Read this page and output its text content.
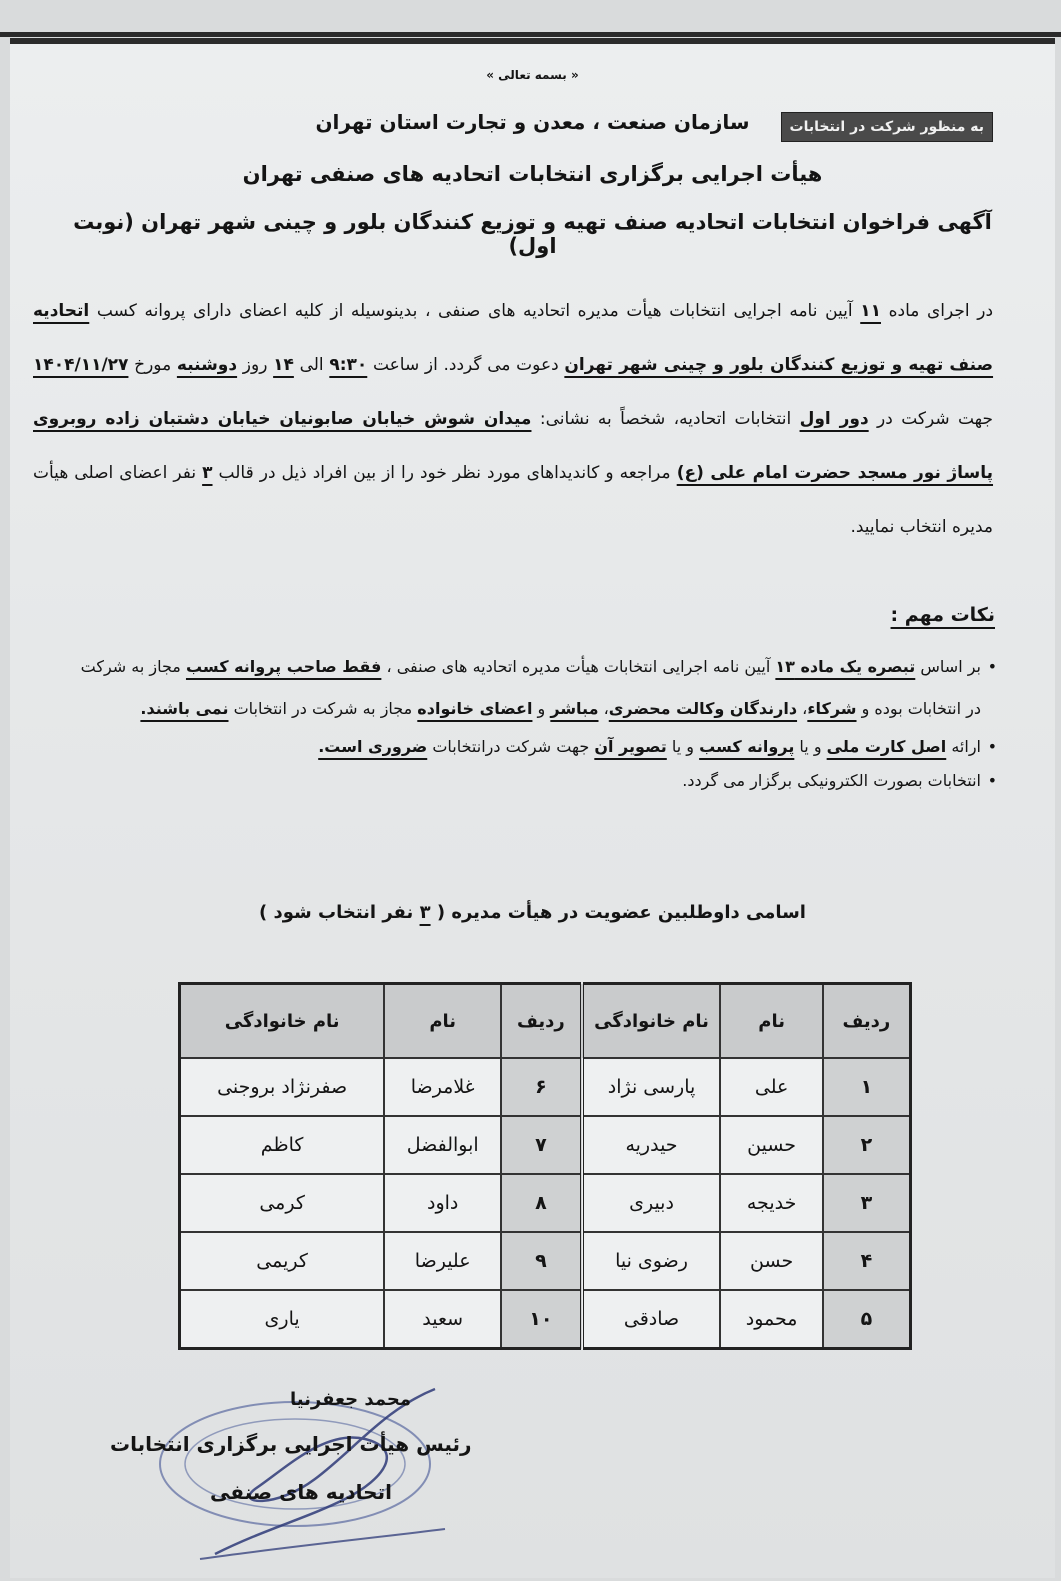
« بسمه تعالی »
به منظور شرکت در انتخابات
سازمان صنعت ، معدن و تجارت استان تهران
هیأت اجرایی برگزاری انتخابات اتحادیه های صنفی تهران
آگهی فراخوان انتخابات اتحادیه صنف تهیه و توزیع کنندگان بلور و چینی شهر تهران (نوبت اول)
در اجرای ماده ۱۱ آیین نامه اجرایی انتخابات هیأت مدیره اتحادیه های صنفی ، بدینوسیله از کلیه اعضای دارای پروانه کسب اتحادیه صنف تهیه و توزیع کنندگان بلور و چینی شهر تهران دعوت می گردد. از ساعت ۹:۳۰ الی ۱۴ روز دوشنبه مورخ ۱۴۰۴/۱۱/۲۷ جهت شرکت در دور اول انتخابات اتحادیه، شخصاً به نشانی: میدان شوش خیابان صابونیان خیابان دشتبان زاده روبروی پاساژ نور مسجد حضرت امام علی (ع) مراجعه و کاندیداهای مورد نظر خود را از بین افراد ذیل در قالب ۳ نفر اعضای اصلی هیأت مدیره انتخاب نمایید.
نکات مهم :
• بر اساس تبصره یک ماده ۱۳ آیین نامه اجرایی انتخابات هیأت مدیره اتحادیه های صنفی ، فقط صاحب پروانه کسب مجاز به شرکت در انتخابات بوده و شرکاء، دارندگان وکالت محضری، مباشر و اعضای خانواده مجاز به شرکت در انتخابات نمی باشند.
• ارائه اصل کارت ملی و یا پروانه کسب و یا تصویر آن جهت شرکت درانتخابات ضروری است.
• انتخابات بصورت الکترونیکی برگزار می گردد.
اسامی داوطلبین عضویت در هیأت مدیره ( ۳ نفر انتخاب شود )
ردیف	نام	نام خانوادگی	ردیف	نام	نام خانوادگی
۱	علی	پارسی نژاد	۶	غلامرضا	صفرنژاد بروجنی
۲	حسین	حیدریه	۷	ابوالفضل	کاظم
۳	خدیجه	دبیری	۸	داود	کرمی
۴	حسن	رضوی نیا	۹	علیرضا	کریمی
۵	محمود	صادقی	۱۰	سعید	یاری
محمد جعفرنیا
رئیس هیأت اجرایی برگزاری انتخابات
اتحادیه های صنفی
